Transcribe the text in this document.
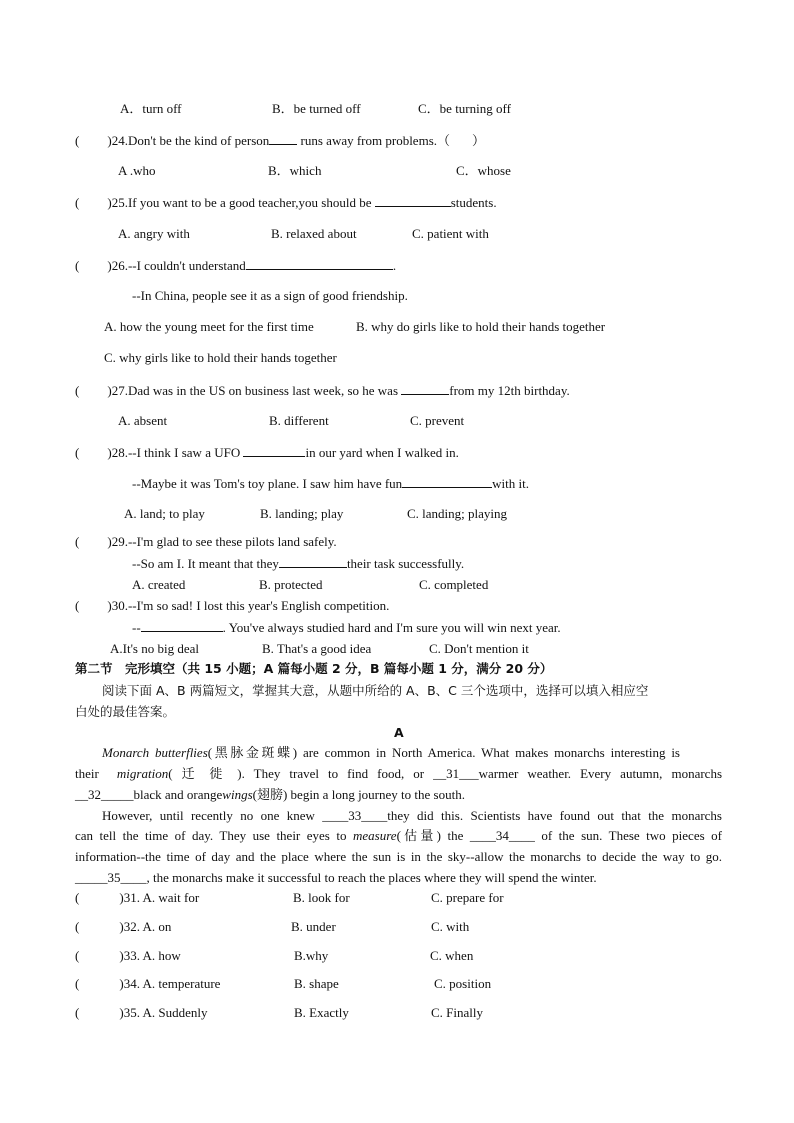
A．turn off	B．be turned off	C．be turning off
( )24.Don't be the kind of person runs away from problems.（ ）
A .who	B．which	C．whose
( )25.If you want to be a good teacher,you should be	students.
A. angry with	B. relaxed about	C. patient with
( )26.--I couldn't understand	.
--In China, people see it as a sign of good friendship.
A. how the young meet for the first time	B. why do girls like to hold their hands together
C. why girls like to hold their hands together
( )27.Dad was in the US on business last week, so he was	from my 12th birthday.
A. absent	B. different	C. prevent
( )28.--I think I saw a UFO	in our yard when I walked in.
--Maybe it was Tom's toy plane. I saw him have fun	with it.
A. land; to play	B. landing; play	C. landing; playing
( )29.--I'm glad to see these pilots land safely.
--So am I. It meant that they	their task successfully.
A. created	B. protected	C. completed
( )30.--I'm so sad! I lost this year's English competition.
--	. You've always studied hard and I'm sure you will win next year.
A.It's no big deal	B. That's a good idea	C. Don't mention it
第二节　完形填空（共 15 小题；A 篇每小题 2 分，B 篇每小题 1 分，满分 20 分）
阅读下面 A、B 两篇短文，掌握其大意，从题中所给的 A、B、C 三个选项中，选择可以填入相应空
白处的最佳答案。
A
Monarch butterflies(黑脉金斑蝶) are common in North America. What makes monarchs interesting is
their migration( 迁 徙 ). They travel to find food, or __31___warmer weather. Every autumn, monarchs
__32_____black and orangewings(翅膀) begin a long journey to the south.
However, until recently no one knew ____33____they did this. Scientists have found out that the monarchs
can tell the time of day. They use their eyes to measure(估量) the ____34____ of the sun. These two pieces of
information--the time of day and the place where the sun is in the sky--allow the monarchs to decide the way to go.
_____35____, the monarchs make it successful to reach the places where they will spend the winter.
(	)31. A. wait for	B. look for	C. prepare for
(	)32. A. on	B. under	C. with
(	)33. A. how	B.why	C. when
(	)34. A. temperature	B. shape	C. position
(	)35. A. Suddenly	B. Exactly	C. Finally
